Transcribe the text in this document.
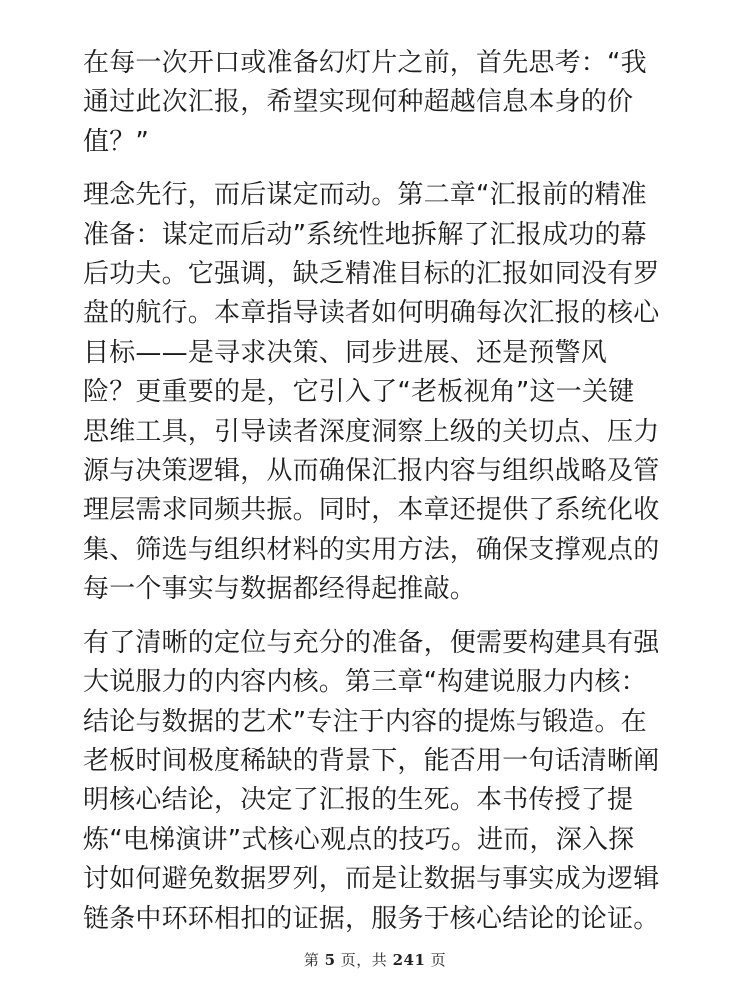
在每一次开口或准备幻灯片之前，首先思考：“我
通过此次汇报，希望实现何种超越信息本身的价
值？”

理念先行，而后谋定而动。第二章“汇报前的精准
准备：谋定而后动”系统性地拆解了汇报成功的幕
后功夫。它强调，缺乏精准目标的汇报如同没有罗
盘的航行。本章指导读者如何明确每次汇报的核心
目标——是寻求决策、同步进展、还是预警风
险？更重要的是，它引入了“老板视角”这一关键
思维工具，引导读者深度洞察上级的关切点、压力
源与决策逻辑，从而确保汇报内容与组织战略及管
理层需求同频共振。同时，本章还提供了系统化收
集、筛选与组织材料的实用方法，确保支撑观点的
每一个事实与数据都经得起推敲。

有了清晰的定位与充分的准备，便需要构建具有强
大说服力的内容内核。第三章“构建说服力内核：
结论与数据的艺术”专注于内容的提炼与锻造。在
老板时间极度稀缺的背景下，能否用一句话清晰阐
明核心结论，决定了汇报的生死。本书传授了提
炼“电梯演讲”式核心观点的技巧。进而，深入探
讨如何避免数据罗列，而是让数据与事实成为逻辑
链条中环环相扣的证据，服务于核心结论的论证。

第 5 页，共 241 页
